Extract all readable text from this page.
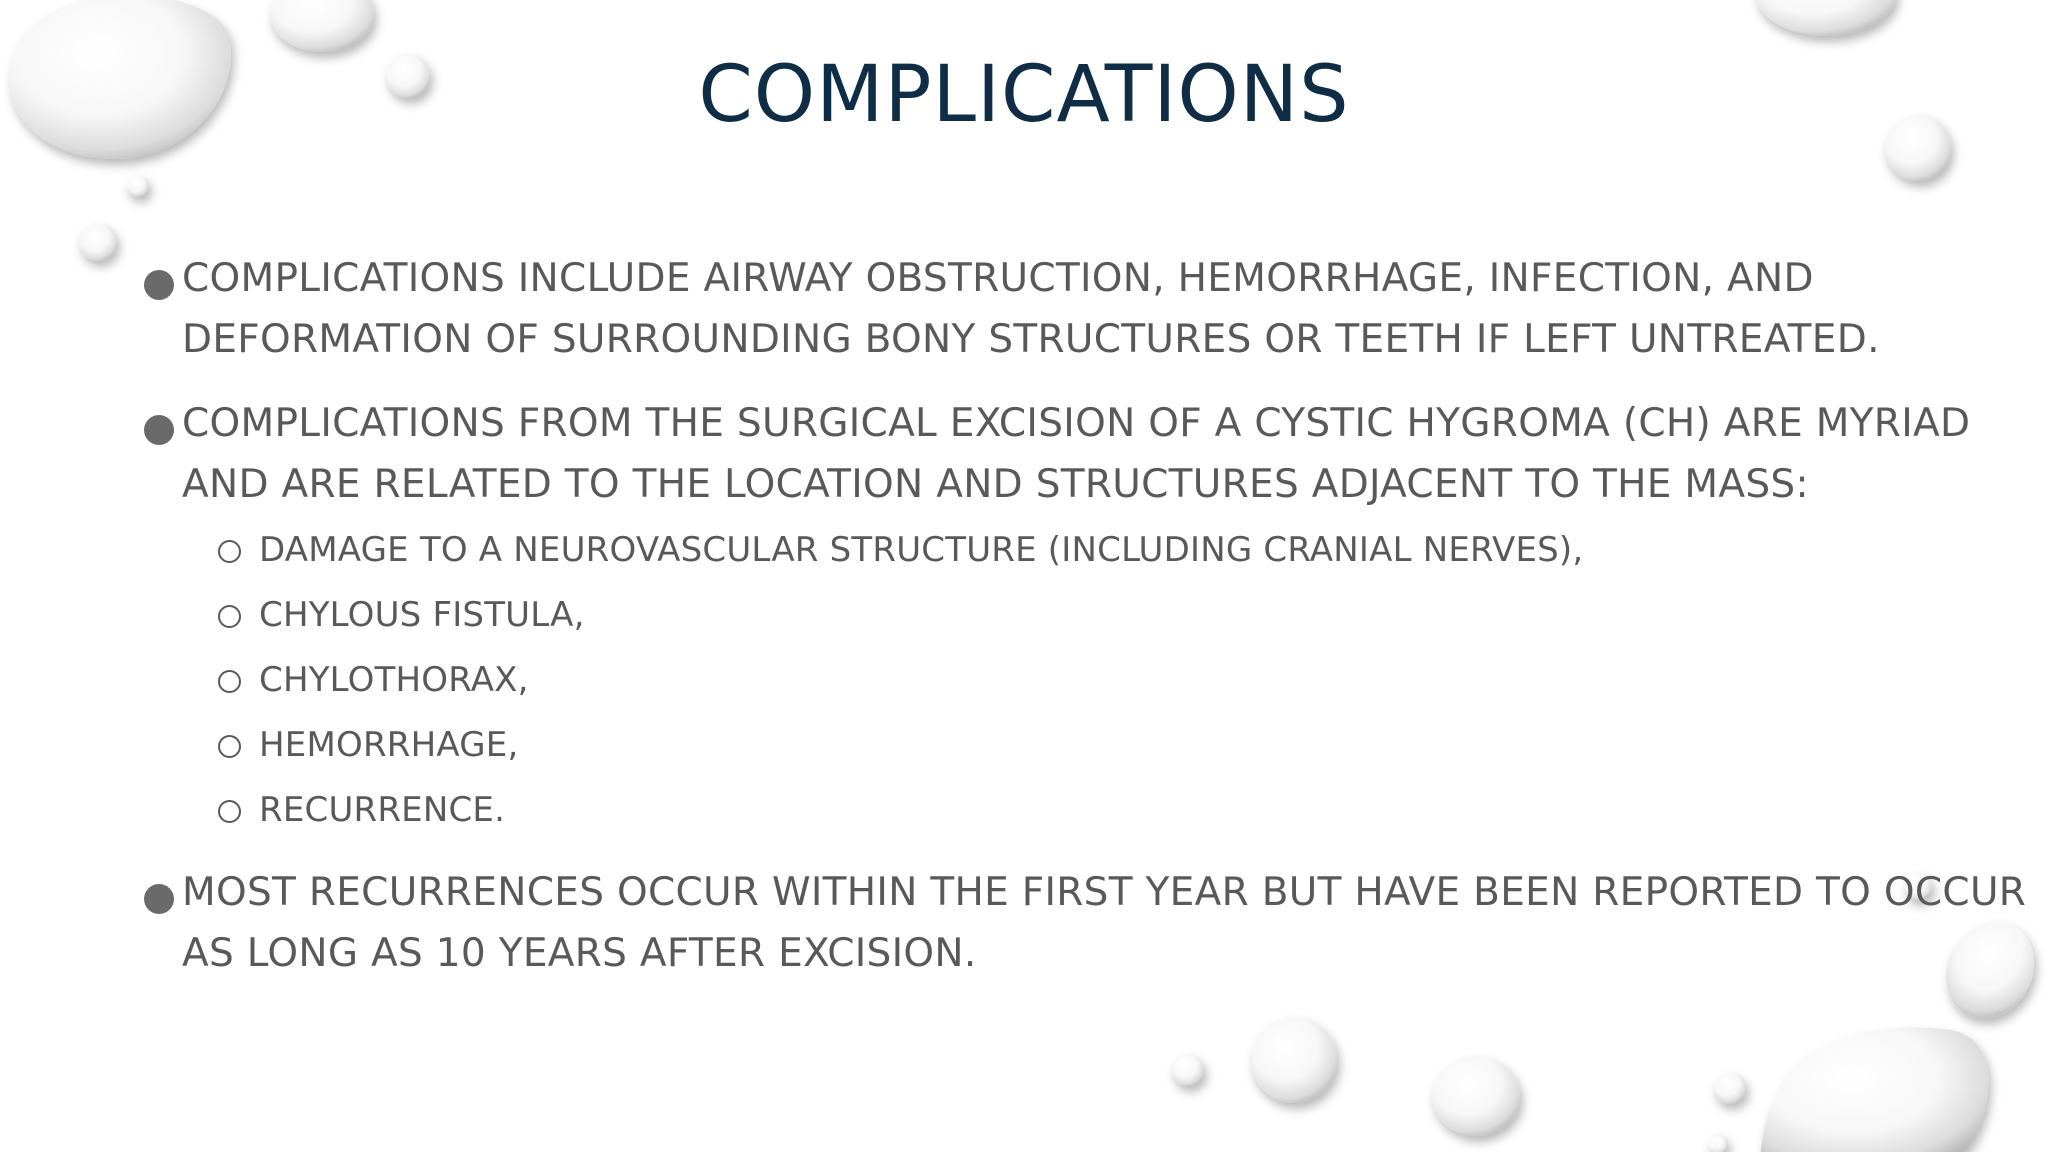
COMPLICATIONS
COMPLICATIONS INCLUDE AIRWAY OBSTRUCTION, HEMORRHAGE, INFECTION, AND DEFORMATION OF SURROUNDING BONY STRUCTURES OR TEETH IF LEFT UNTREATED.
COMPLICATIONS FROM THE SURGICAL EXCISION OF A CYSTIC HYGROMA (CH) ARE MYRIAD AND ARE RELATED TO THE LOCATION AND STRUCTURES ADJACENT TO THE MASS:
DAMAGE TO A NEUROVASCULAR STRUCTURE (INCLUDING CRANIAL NERVES),
CHYLOUS FISTULA,
CHYLOTHORAX,
HEMORRHAGE,
RECURRENCE.
MOST RECURRENCES OCCUR WITHIN THE FIRST YEAR BUT HAVE BEEN REPORTED TO OCCUR AS LONG AS 10 YEARS AFTER EXCISION.
